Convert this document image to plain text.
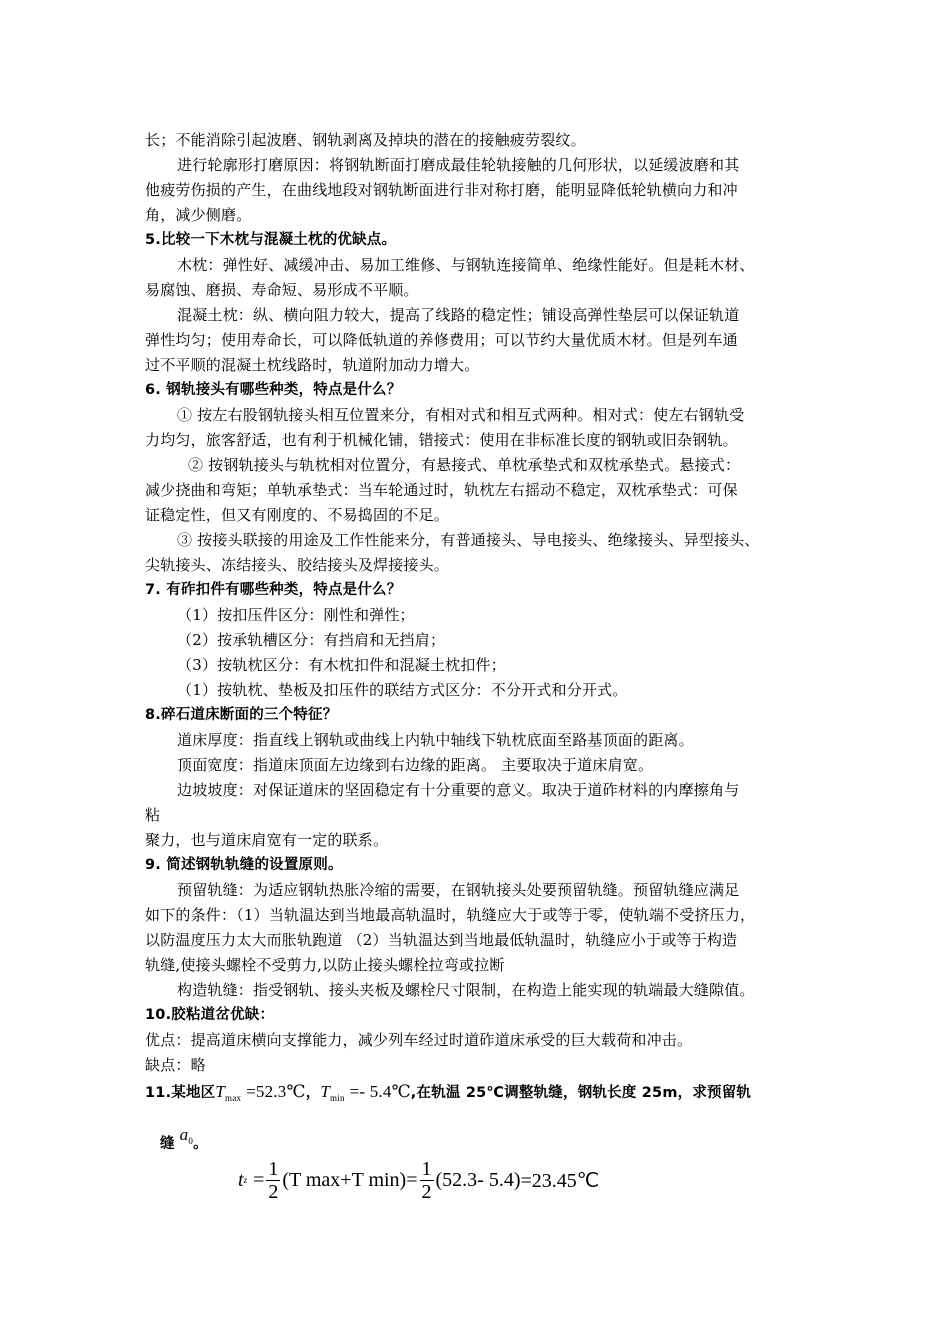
长；不能消除引起波磨、钢轨剥离及掉块的潜在的接触疲劳裂纹。
进行轮廓形打磨原因：将钢轨断面打磨成最佳轮轨接触的几何形状，以延缓波磨和其
他疲劳伤损的产生，在曲线地段对钢轨断面进行非对称打磨，能明显降低轮轨横向力和冲
角，减少侧磨。
5.比较一下木枕与混凝土枕的优缺点。
木枕：弹性好、减缓冲击、易加工维修、与钢轨连接简单、绝缘性能好。但是耗木材、
易腐蚀、磨损、寿命短、易形成不平顺。
混凝土枕：纵、横向阻力较大，提高了线路的稳定性；铺设高弹性垫层可以保证轨道
弹性均匀；使用寿命长，可以降低轨道的养修费用；可以节约大量优质木材。但是列车通
过不平顺的混凝土枕线路时，轨道附加动力增大。
6. 钢轨接头有哪些种类，特点是什么？
① 按左右股钢轨接头相互位置来分，有相对式和相互式两种。相对式：使左右钢轨受
力均匀，旅客舒适，也有利于机械化铺，错接式：使用在非标准长度的钢轨或旧杂钢轨。
② 按钢轨接头与轨枕相对位置分，有悬接式、单枕承垫式和双枕承垫式。悬接式：
减少挠曲和弯矩；单轨承垫式：当车轮通过时，轨枕左右摇动不稳定，双枕承垫式：可保
证稳定性，但又有刚度的、不易捣固的不足。
③ 按接头联接的用途及工作性能来分，有普通接头、导电接头、绝缘接头、异型接头、
尖轨接头、冻结接头、胶结接头及焊接接头。
7. 有砟扣件有哪些种类，特点是什么？
（1）按扣压件区分：刚性和弹性；
（2）按承轨槽区分：有挡肩和无挡肩；
（3）按轨枕区分：有木枕扣件和混凝土枕扣件；
（1）按轨枕、垫板及扣压件的联结方式区分：不分开式和分开式。
8.碎石道床断面的三个特征？
道床厚度：指直线上钢轨或曲线上内轨中轴线下轨枕底面至路基顶面的距离。
顶面宽度：指道床顶面左边缘到右边缘的距离。 主要取决于道床肩宽。
边坡坡度：对保证道床的坚固稳定有十分重要的意义。取决于道砟材料的内摩擦角与
粘
聚力，也与道床肩宽有一定的联系。
9. 简述钢轨轨缝的设置原则。
预留轨缝：为适应钢轨热胀冷缩的需要，在钢轨接头处要预留轨缝。预留轨缝应满足
如下的条件：（1）当轨温达到当地最高轨温时，轨缝应大于或等于零，使轨端不受挤压力，
以防温度压力太大而胀轨跑道 （2）当轨温达到当地最低轨温时，轨缝应小于或等于构造
轨缝,使接头螺栓不受剪力,以防止接头螺栓拉弯或拉断
构造轨缝：指受钢轨、接头夹板及螺栓尺寸限制，在构造上能实现的轨端最大缝隙值。
10.胶粘道岔优缺：
优点：提高道床横向支撑能力，减少列车经过时道砟道床承受的巨大载荷和冲击。
缺点：略
11.某地区$T_{max}$ =52.3℃，$T_{min}$ =- 5.4℃,在轨温 25℃调整轨缝，钢轨长度 25m，求预留轨
缝 $a^0$。
t $z = \frac{1}{2} (T$ max+T $\min) = \frac{1}{2} (52.3-$ 5.4) =23.45℃
